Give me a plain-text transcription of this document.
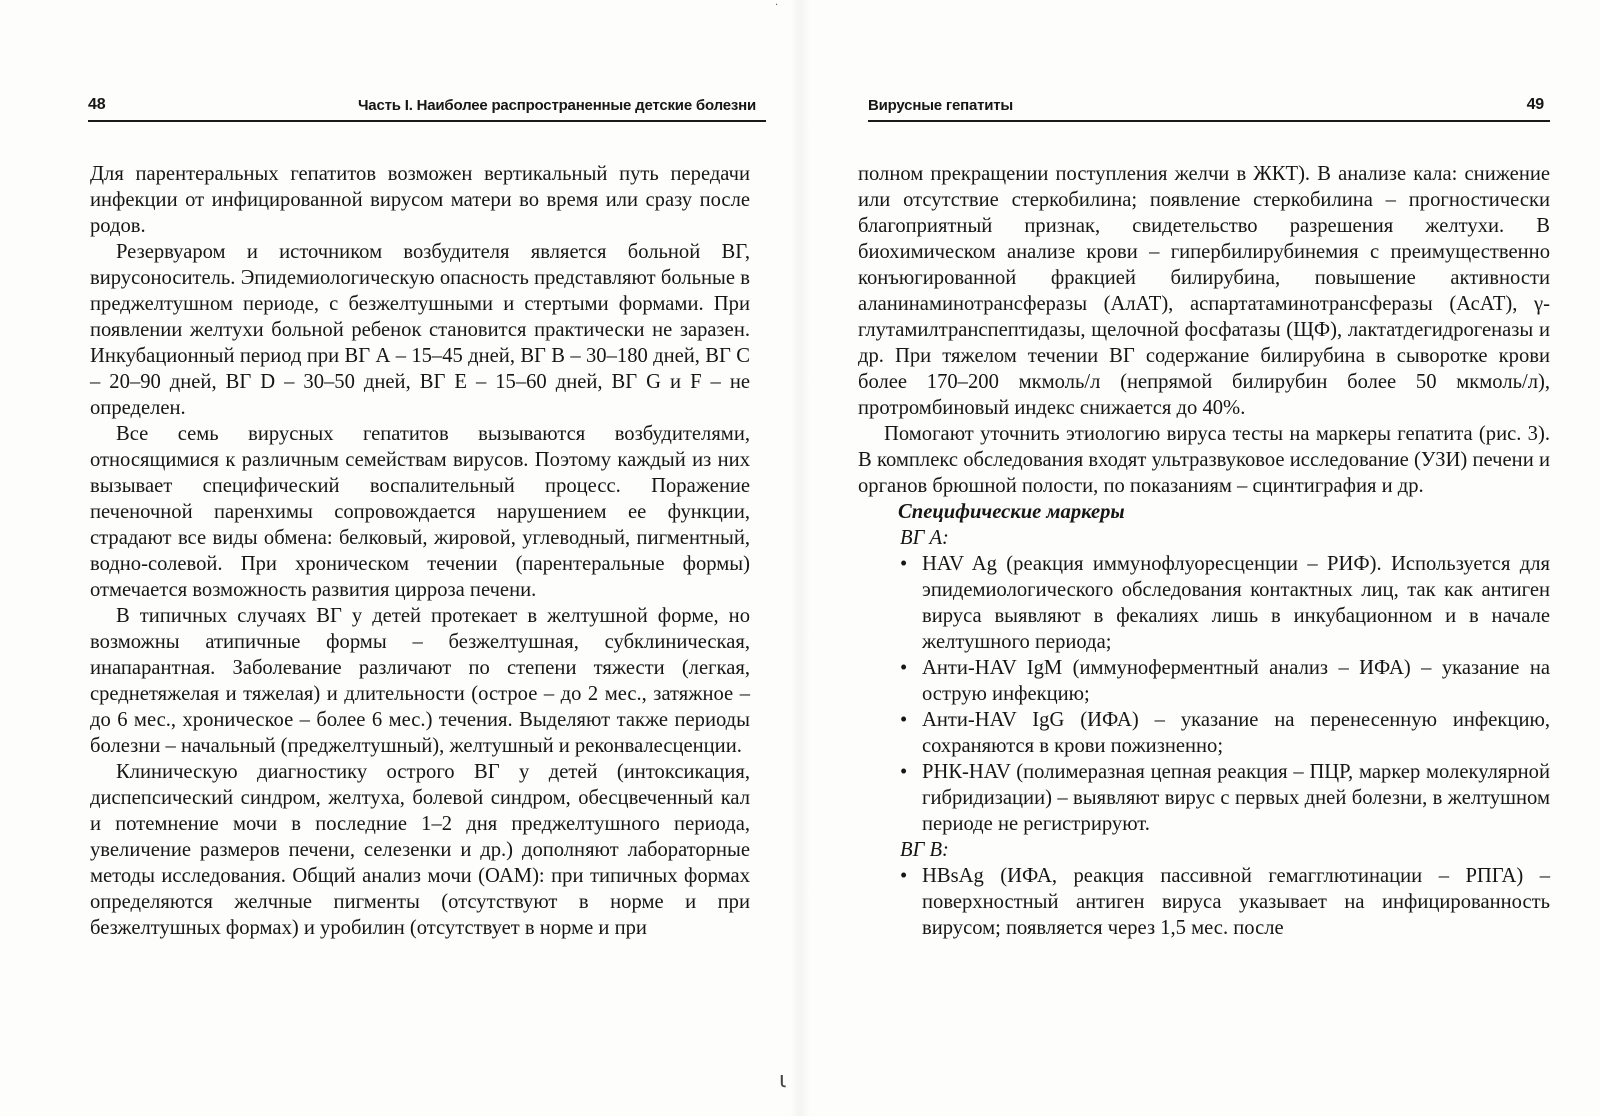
·
ι
48	Часть I. Наиболее распространенные детские болезни

Для парентеральных гепатитов возможен вертикальный путь передачи инфекции от инфицированной вирусом матери во время или сразу после родов.

Резервуаром и источником возбудителя является больной ВГ, вирусоноситель. Эпидемиологическую опасность представляют больные в преджелтушном периоде, с безжелтушными и стертыми формами. При появлении желтухи больной ребенок становится практически не заразен. Инкубационный период при ВГ А – 15–45 дней, ВГ В – 30–180 дней, ВГ С – 20–90 дней, ВГ D – 30–50 дней, ВГ Е – 15–60 дней, ВГ G и F – не определен.

Все семь вирусных гепатитов вызываются возбудителями, относящимися к различным семействам вирусов. Поэтому каждый из них вызывает специфический воспалительный процесс. Поражение печеночной паренхимы сопровождается нарушением ее функции, страдают все виды обмена: белковый, жировой, углеводный, пигментный, водно-солевой. При хроническом течении (парентеральные формы) отмечается возможность развития цирроза печени.

В типичных случаях ВГ у детей протекает в желтушной форме, но возможны атипичные формы – безжелтушная, субклиническая, инапарантная. Заболевание различают по степени тяжести (легкая, среднетяжелая и тяжелая) и длительности (острое – до 2 мес., затяжное – до 6 мес., хроническое – более 6 мес.) течения. Выделяют также периоды болезни – начальный (преджелтушный), желтушный и реконвалесценции.

Клиническую диагностику острого ВГ у детей (интоксикация, диспепсический синдром, желтуха, болевой синдром, обесцвеченный кал и потемнение мочи в последние 1–2 дня преджелтушного периода, увеличение размеров печени, селезенки и др.) дополняют лабораторные методы исследования. Общий анализ мочи (ОАМ): при типичных формах определяются желчные пигменты (отсутствуют в норме и при безжелтушных формах) и уробилин (отсутствует в норме и при

Вирусные гепатиты	49

полном прекращении поступления желчи в ЖКТ). В анализе кала: снижение или отсутствие стеркобилина; появление стеркобилина – прогностически благоприятный признак, свидетельство разрешения желтухи. В биохимическом анализе крови – гипербилирубинемия с преимущественно конъюгированной фракцией билирубина, повышение активности аланинаминотрансферазы (АлАТ), аспартатаминотрансферазы (АсАТ), γ-глутамилтранспептидазы, щелочной фосфатазы (ЩФ), лактатдегидрогеназы и др. При тяжелом течении ВГ содержание билирубина в сыворотке крови более 170–200 мкмоль/л (непрямой билирубин более 50 мкмоль/л), протромбиновый индекс снижается до 40%.

Помогают уточнить этиологию вируса тесты на маркеры гепатита (рис. 3). В комплекс обследования входят ультразвуковое исследование (УЗИ) печени и органов брюшной полости, по показаниям – сцинтиграфия и др.

Специфические маркеры

ВГ А:

• HAV Ag (реакция иммунофлуоресценции – РИФ). Используется для эпидемиологического обследования контактных лиц, так как антиген вируса выявляют в фекалиях лишь в инкубационном и в начале желтушного периода;
• Анти-HAV IgM (иммуноферментный анализ – ИФА) – указание на острую инфекцию;
• Анти-HAV IgG (ИФА) – указание на перенесенную инфекцию, сохраняются в крови пожизненно;
• РНК-HAV (полимеразная цепная реакция – ПЦР, маркер молекулярной гибридизации) – выявляют вирус с первых дней болезни, в желтушном периоде не регистрируют.

ВГ В:

• HBsAg (ИФА, реакция пассивной гемагглютинации – РПГА) – поверхностный антиген вируса указывает на инфицированность вирусом; появляется через 1,5 мес. после
